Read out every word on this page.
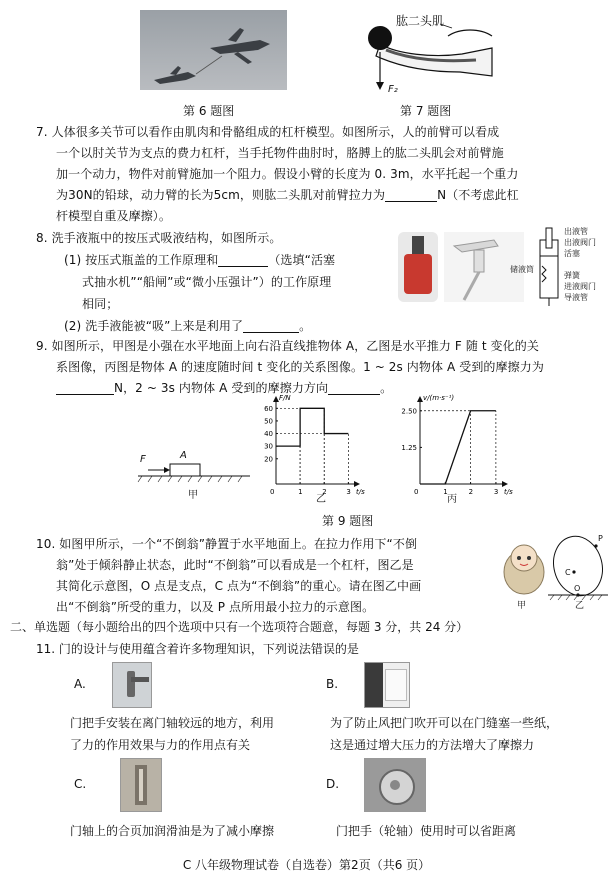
第 6 题图
肱二头肌
F₂
第 7 题图
7. 人体很多关节可以看作由肌肉和骨骼组成的杠杆模型。如图所示，人的前臂可以看成
一个以肘关节为支点的费力杠杆，当手托物件曲肘时，胳膊上的肱二头肌会对前臂施
加一个动力，物件对前臂施加一个阻力。假设小臂的长度为 0. 3m，水平托起一个重力
为30N的铅球，动力臂的长为5cm，则肱二头肌对前臂拉力为	N（不考虑此杠
杆模型自重及摩擦）。
8. 洗手液瓶中的按压式吸液结构，如图所示。
(1) 按压式瓶盖的工作原理和	（选填“活塞
式抽水机”“船闸”或“微小压强计”）的工作原理
相同；
(2) 洗手液能被“吸”上来是利用了	。
出液管
出液阀门
活塞
储液筒
弹簧
进液阀门
导液管
9. 如图所示，甲图是小强在水平地面上向右沿直线推物体 A，乙图是水平推力 F 随 t 变化的关
系图像，丙图是物体 A 的速度随时间 t 变化的关系图像。1 ~ 2s 内物体 A 受到的摩擦力为
N，2 ~ 3s 内物体 A 受到的摩擦力方向	。
F	A
甲	t/s
F/N
0	1	2	3
20
30
40
50
60
乙
t/s
v/(m·s⁻¹)
0	1	2	3
1.25
2.50
丙
第 9 题图
10. 如图甲所示，一个“不倒翁”静置于水平地面上。在拉力作用下“不倒
翁”处于倾斜静止状态，此时“不倒翁”可以看成是一个杠杆，图乙是
其简化示意图，O 点是支点，C 点为“不倒翁”的重心。请在图乙中画
出“不倒翁”所受的重力，以及 P 点所用最小拉力的示意图。
P
C
O
甲	乙
二、单选题（每小题给出的四个选项中只有一个选项符合题意，每题 3 分，共 24 分）
11. 门的设计与使用蕴含着许多物理知识，下列说法错误的是
A.
门把手安装在离门轴较远的地方，利用
了力的作用效果与力的作用点有关
B.
为了防止风把门吹开可以在门缝塞一些纸，
这是通过增大压力的方法增大了摩擦力
C.
门轴上的合页加润滑油是为了减小摩擦
D.
门把手（轮轴）使用时可以省距离
C 八年级物理试卷（自选卷）第2页（共6 页）
